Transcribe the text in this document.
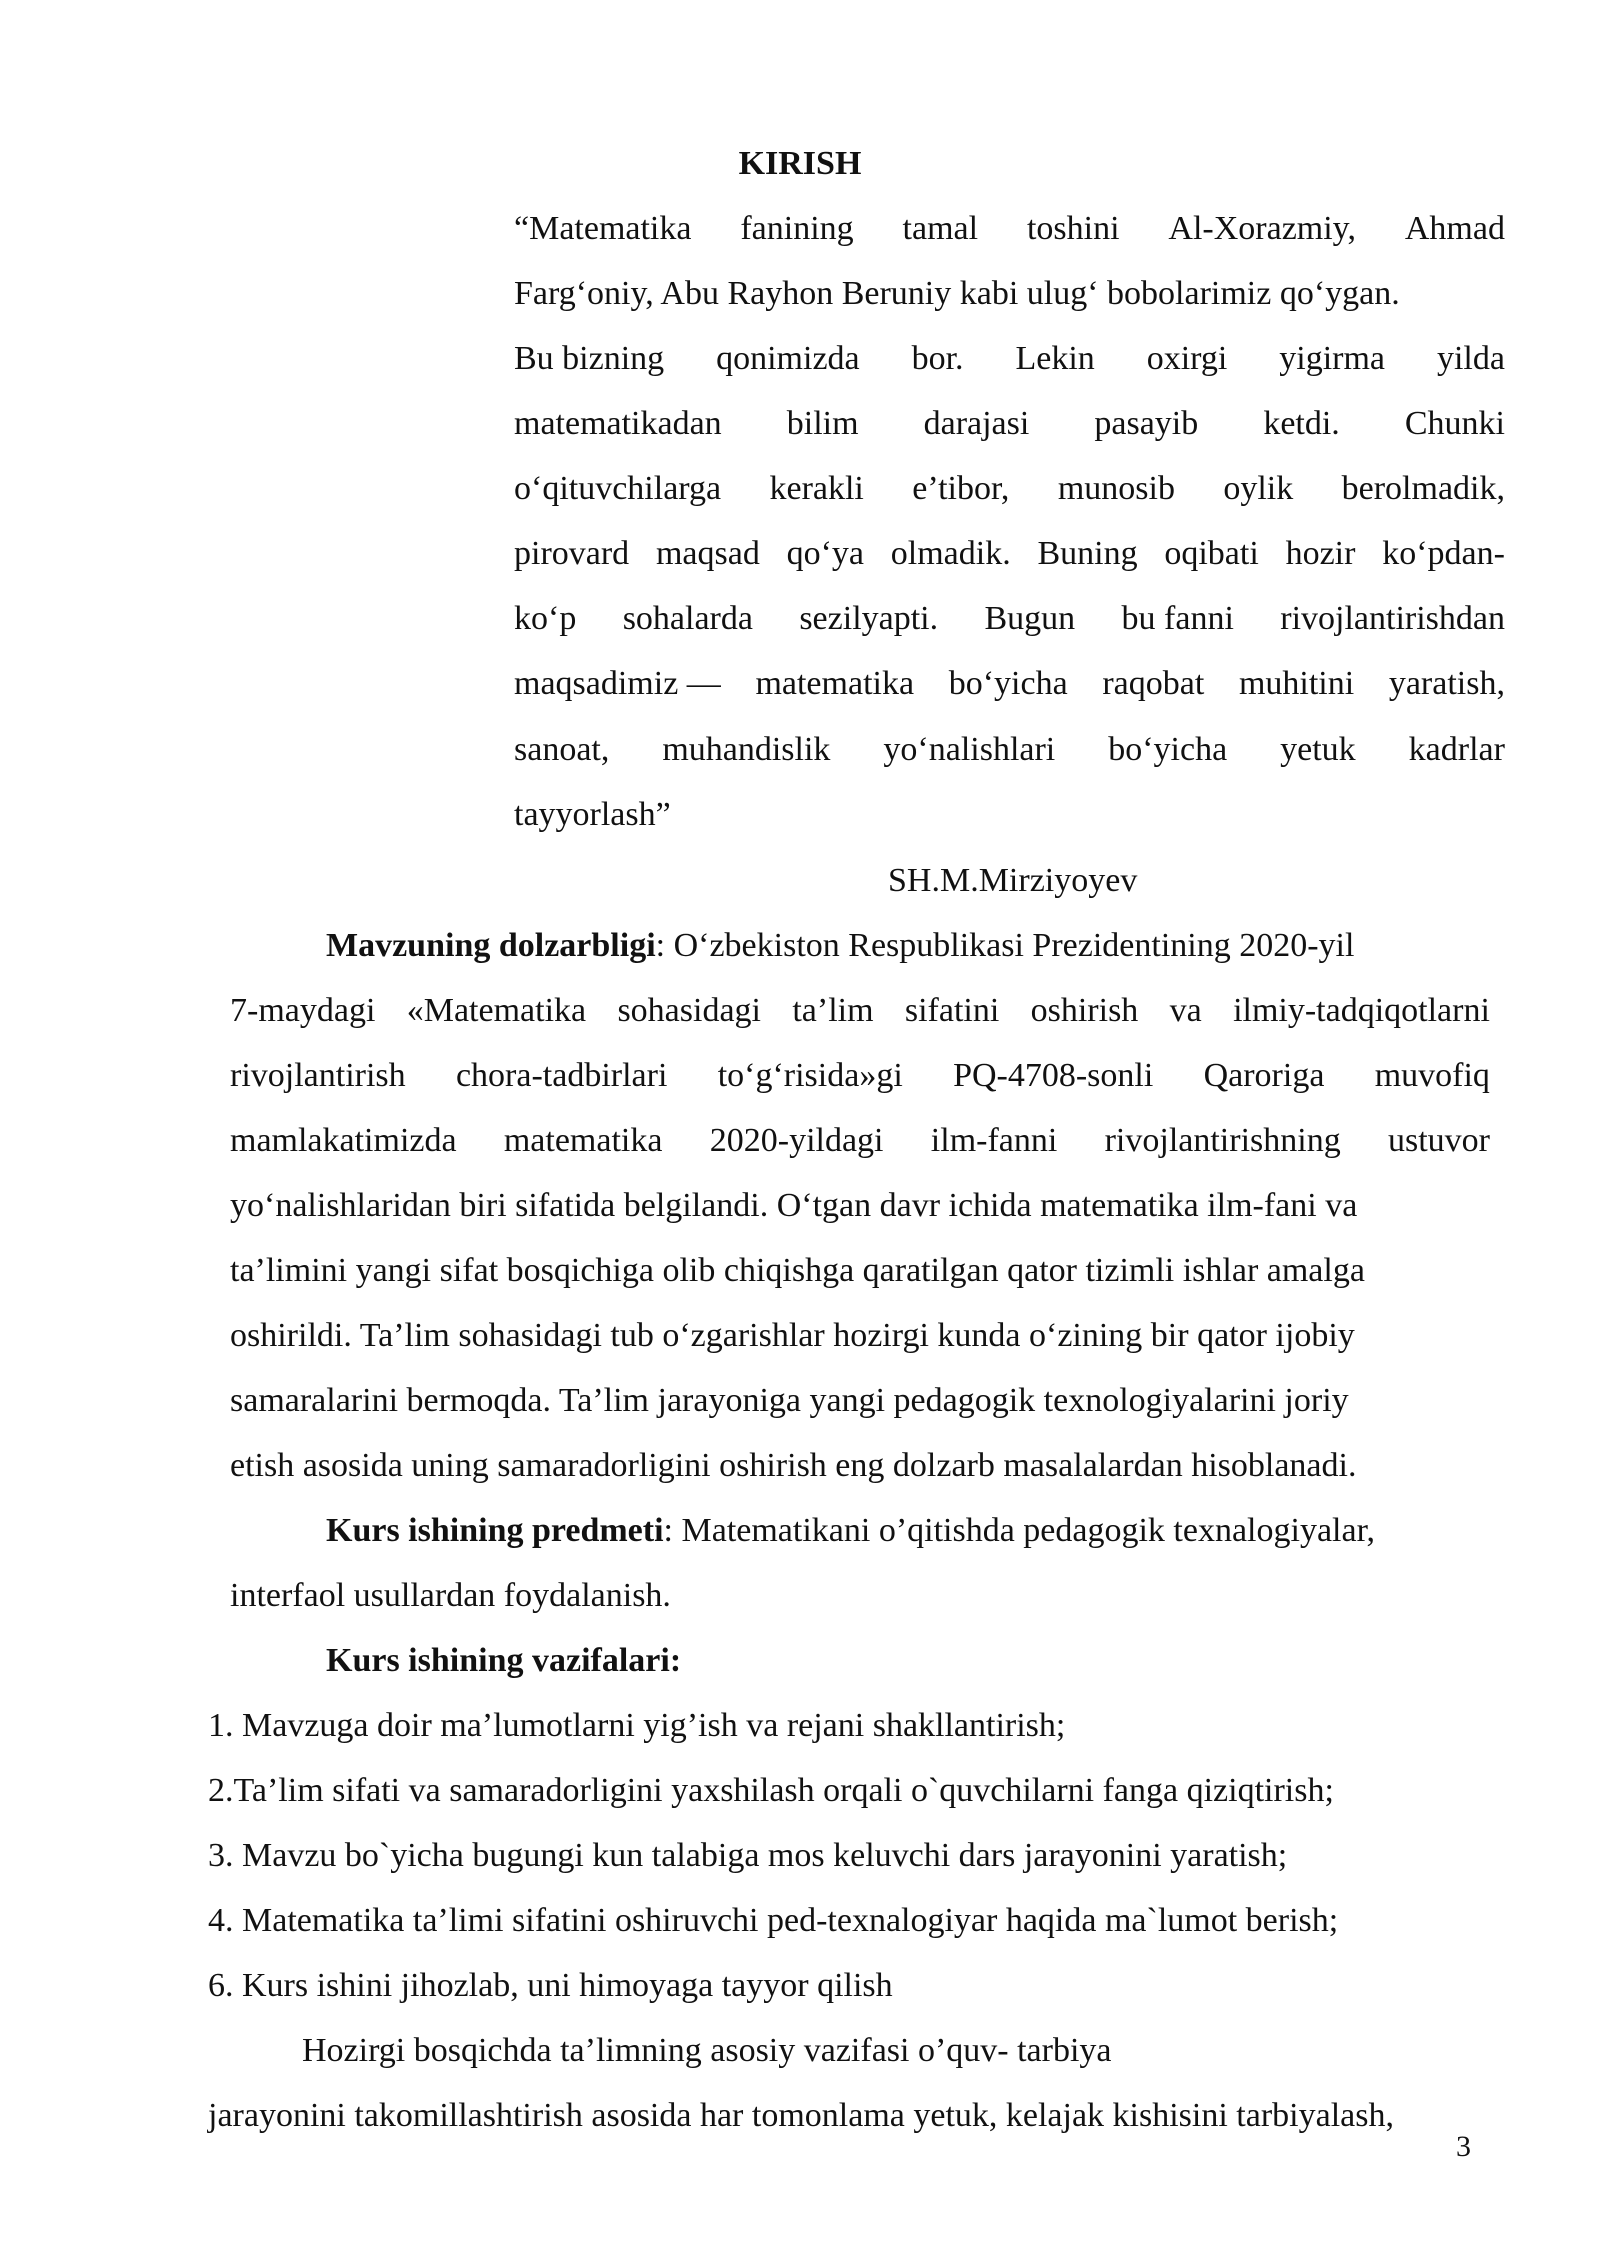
KIRISH
“Matematika fanining tamal toshini Al-Xorazmiy, Ahmad
Farg‘oniy, Abu Rayhon Beruniy kabi ulug‘ bobolarimiz qo‘ygan.
Bu bizning qonimizda bor. Lekin oxirgi yigirma yilda
matematikadan bilim darajasi pasayib ketdi. Chunki
o‘qituvchilarga kerakli e’tibor, munosib oylik berolmadik,
pirovard maqsad qo‘ya olmadik. Buning oqibati hozir ko‘pdan-
ko‘p sohalarda sezilyapti. Bugun bu fanni rivojlantirishdan
maqsadimiz — matematika bo‘yicha raqobat muhitini yaratish,
sanoat, muhandislik yo‘nalishlari bo‘yicha yetuk kadrlar
tayyorlash”
SH.M.Mirziyoyev
Mavzuning dolzarbligi: O‘zbekiston Respublikasi Prezidentining 2020-yil
7-maydagi «Matematika sohasidagi ta’lim sifatini oshirish va ilmiy-tadqiqotlarni
rivojlantirish chora-tadbirlari to‘g‘risida»gi PQ-4708-sonli Qaroriga muvofiq
mamlakatimizda matematika 2020-yildagi ilm-fanni rivojlantirishning ustuvor
yo‘nalishlaridan biri sifatida belgilandi. O‘tgan davr ichida matematika ilm-fani va
ta’limini yangi sifat bosqichiga olib chiqishga qaratilgan qator tizimli ishlar amalga
oshirildi. Ta’lim sohasidagi tub o‘zgarishlar hozirgi kunda o‘zining bir qator ijobiy
samaralarini bermoqda. Ta’lim jarayoniga yangi pedagogik texnologiyalarini joriy
etish asosida uning samaradorligini oshirish eng dolzarb masalalardan hisoblanadi.
Kurs ishining predmeti: Matematikani o’qitishda pedagogik texnalogiyalar,
interfaol usullardan foydalanish.
Kurs ishining vazifalari:
1. Mavzuga doir ma’lumotlarni yig’ish va rejani shakllantirish;
2.Ta’lim sifati va samaradorligini yaxshilash orqali o`quvchilarni fanga qiziqtirish;
3. Mavzu bo`yicha bugungi kun talabiga mos keluvchi dars jarayonini yaratish;
4. Matematika ta’limi sifatini oshiruvchi ped-texnalogiyar haqida ma`lumot berish;
6. Kurs ishini jihozlab, uni himoyaga tayyor qilish
Hozirgi bosqichda ta’limning asosiy vazifasi o’quv- tarbiya
jarayonini takomillashtirish asosida har tomonlama yetuk, kelajak kishisini tarbiyalash,
3
